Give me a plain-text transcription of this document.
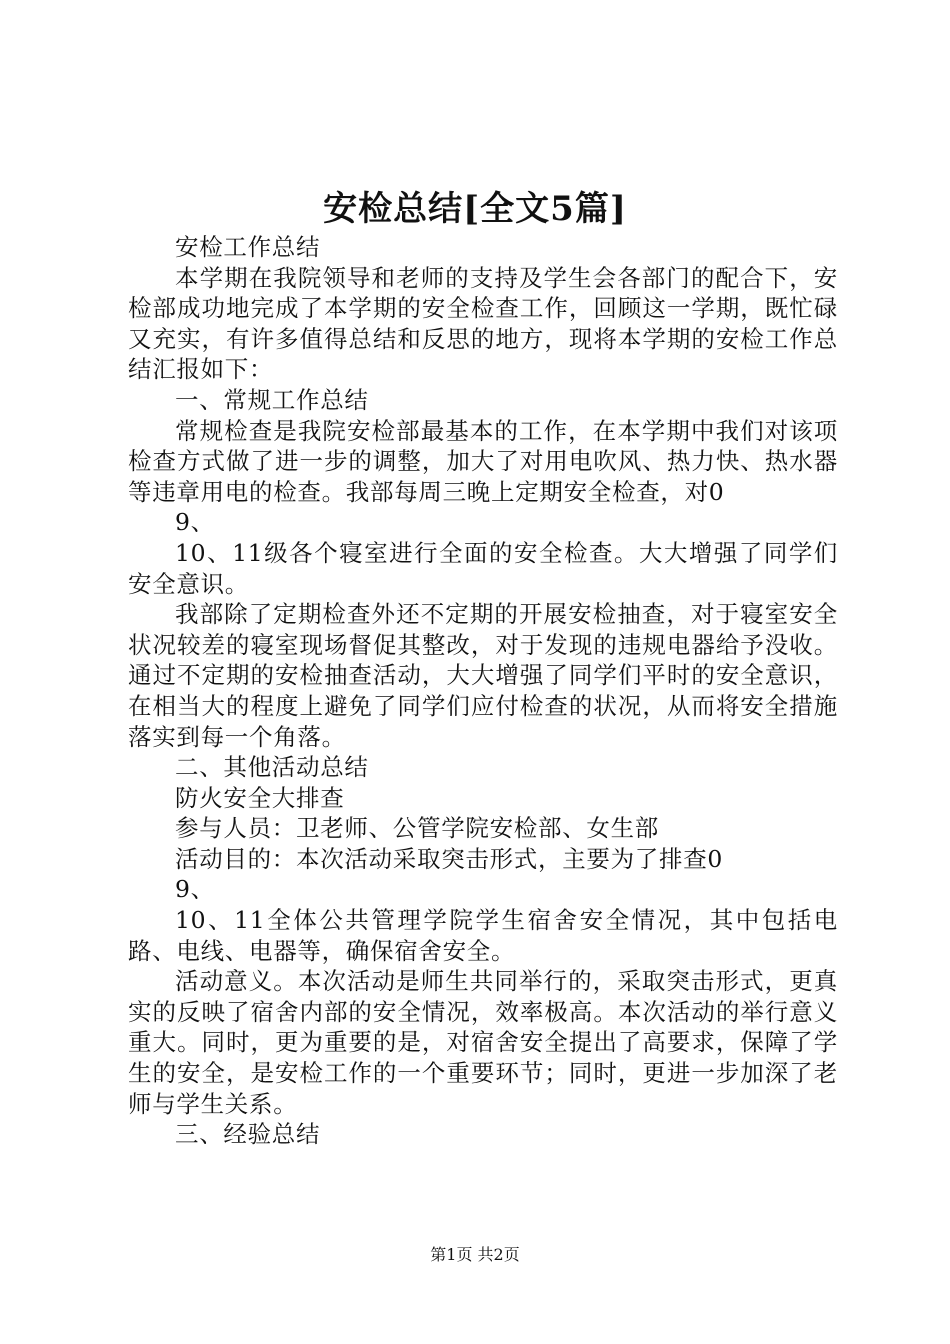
安检总结[全文5篇]

安检工作总结

本学期在我院领导和老师的支持及学生会各部门的配合下，安检部成功地完成了本学期的安全检查工作，回顾这一学期，既忙碌又充实，有许多值得总结和反思的地方，现将本学期的安检工作总结汇报如下：

一、常规工作总结

常规检查是我院安检部最基本的工作，在本学期中我们对该项检查方式做了进一步的调整，加大了对用电吹风、热力快、热水器等违章用电的检查。我部每周三晚上定期安全检查，对0

9、

10、11级各个寝室进行全面的安全检查。大大增强了同学们安全意识。

我部除了定期检查外还不定期的开展安检抽查，对于寝室安全状况较差的寝室现场督促其整改，对于发现的违规电器给予没收。通过不定期的安检抽查活动，大大增强了同学们平时的安全意识，在相当大的程度上避免了同学们应付检查的状况，从而将安全措施落实到每一个角落。

二、其他活动总结

防火安全大排查

参与人员：卫老师、公管学院安检部、女生部

活动目的：本次活动采取突击形式，主要为了排查0

9、

10、11全体公共管理学院学生宿舍安全情况，其中包括电路、电线、电器等，确保宿舍安全。

活动意义。本次活动是师生共同举行的，采取突击形式，更真实的反映了宿舍内部的安全情况，效率极高。本次活动的举行意义重大。同时，更为重要的是，对宿舍安全提出了高要求，保障了学生的安全，是安检工作的一个重要环节；同时，更进一步加深了老师与学生关系。

三、经验总结

第1页 共2页
